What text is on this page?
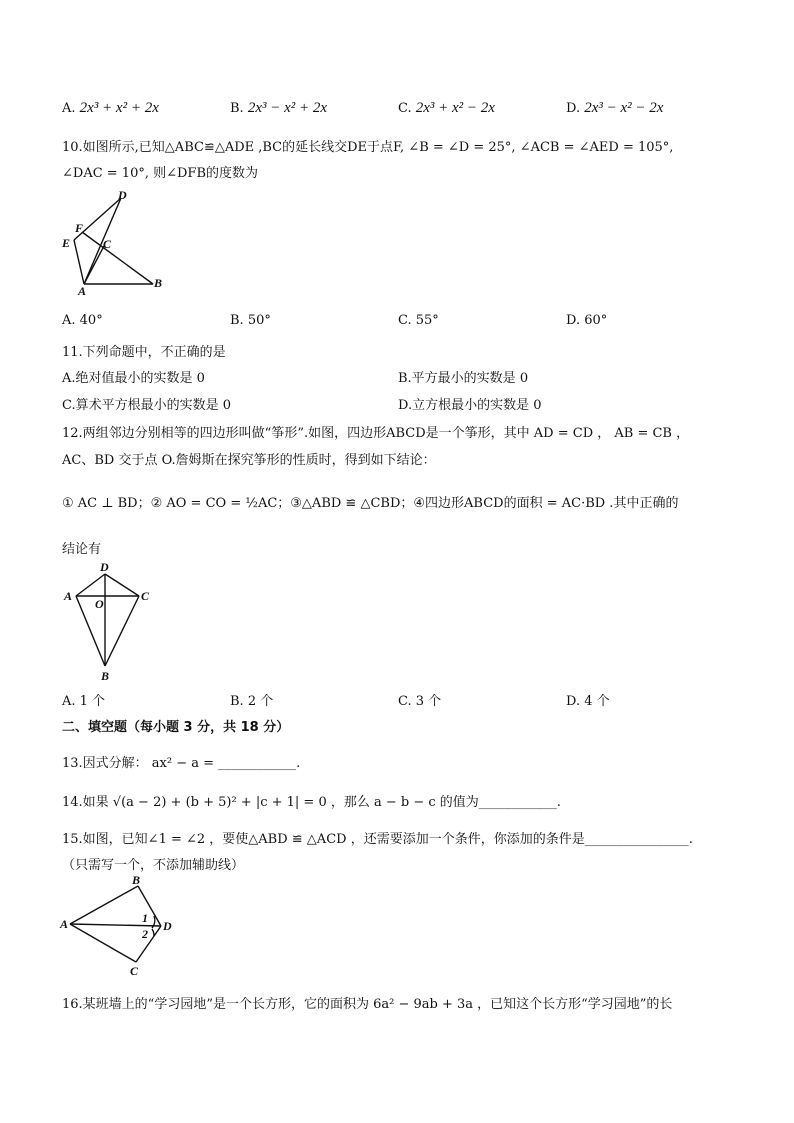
A. 2x³ + x² + 2x	B. 2x³ − x² + 2x	C. 2x³ + x² − 2x	D. 2x³ − x² − 2x
10.如图所示,已知△ABC≌△ADE ,BC的延长线交DE于点F, ∠B = ∠D = 25°, ∠ACB = ∠AED = 105°,
∠DAC = 10°, 则∠DFB的度数为
D
E
F
C
A
B
A. 40°	B. 50°	C. 55°	D. 60°
11.下列命题中，不正确的是
A.绝对值最小的实数是 0	B.平方最小的实数是 0
C.算术平方根最小的实数是 0	D.立方根最小的实数是 0
12.两组邻边分别相等的四边形叫做“筝形”.如图，四边形ABCD是一个筝形，其中 AD = CD ， AB = CB ，
AC、BD 交于点 O.詹姆斯在探究筝形的性质时，得到如下结论：
① AC ⊥ BD；② AO = CO = ½AC；③△ABD ≌ △CBD；④四边形ABCD的面积 = AC·BD .其中正确的
结论有
D
A	C
O
B
A. 1 个	B. 2 个	C. 3 个	D. 4 个
二、填空题（每小题 3 分，共 18 分）
13.因式分解： ax² − a = ____________.
14.如果 √(a − 2) + (b + 5)² + |c + 1| = 0 ，那么 a − b − c 的值为____________.
15.如图，已知∠1 = ∠2 ，要使△ABD ≌ △ACD ，还需要添加一个条件，你添加的条件是________________.
（只需写一个，不添加辅助线）
B
A	D
C
1
2
16.某班墙上的“学习园地”是一个长方形，它的面积为 6a² − 9ab + 3a ，已知这个长方形“学习园地”的长
